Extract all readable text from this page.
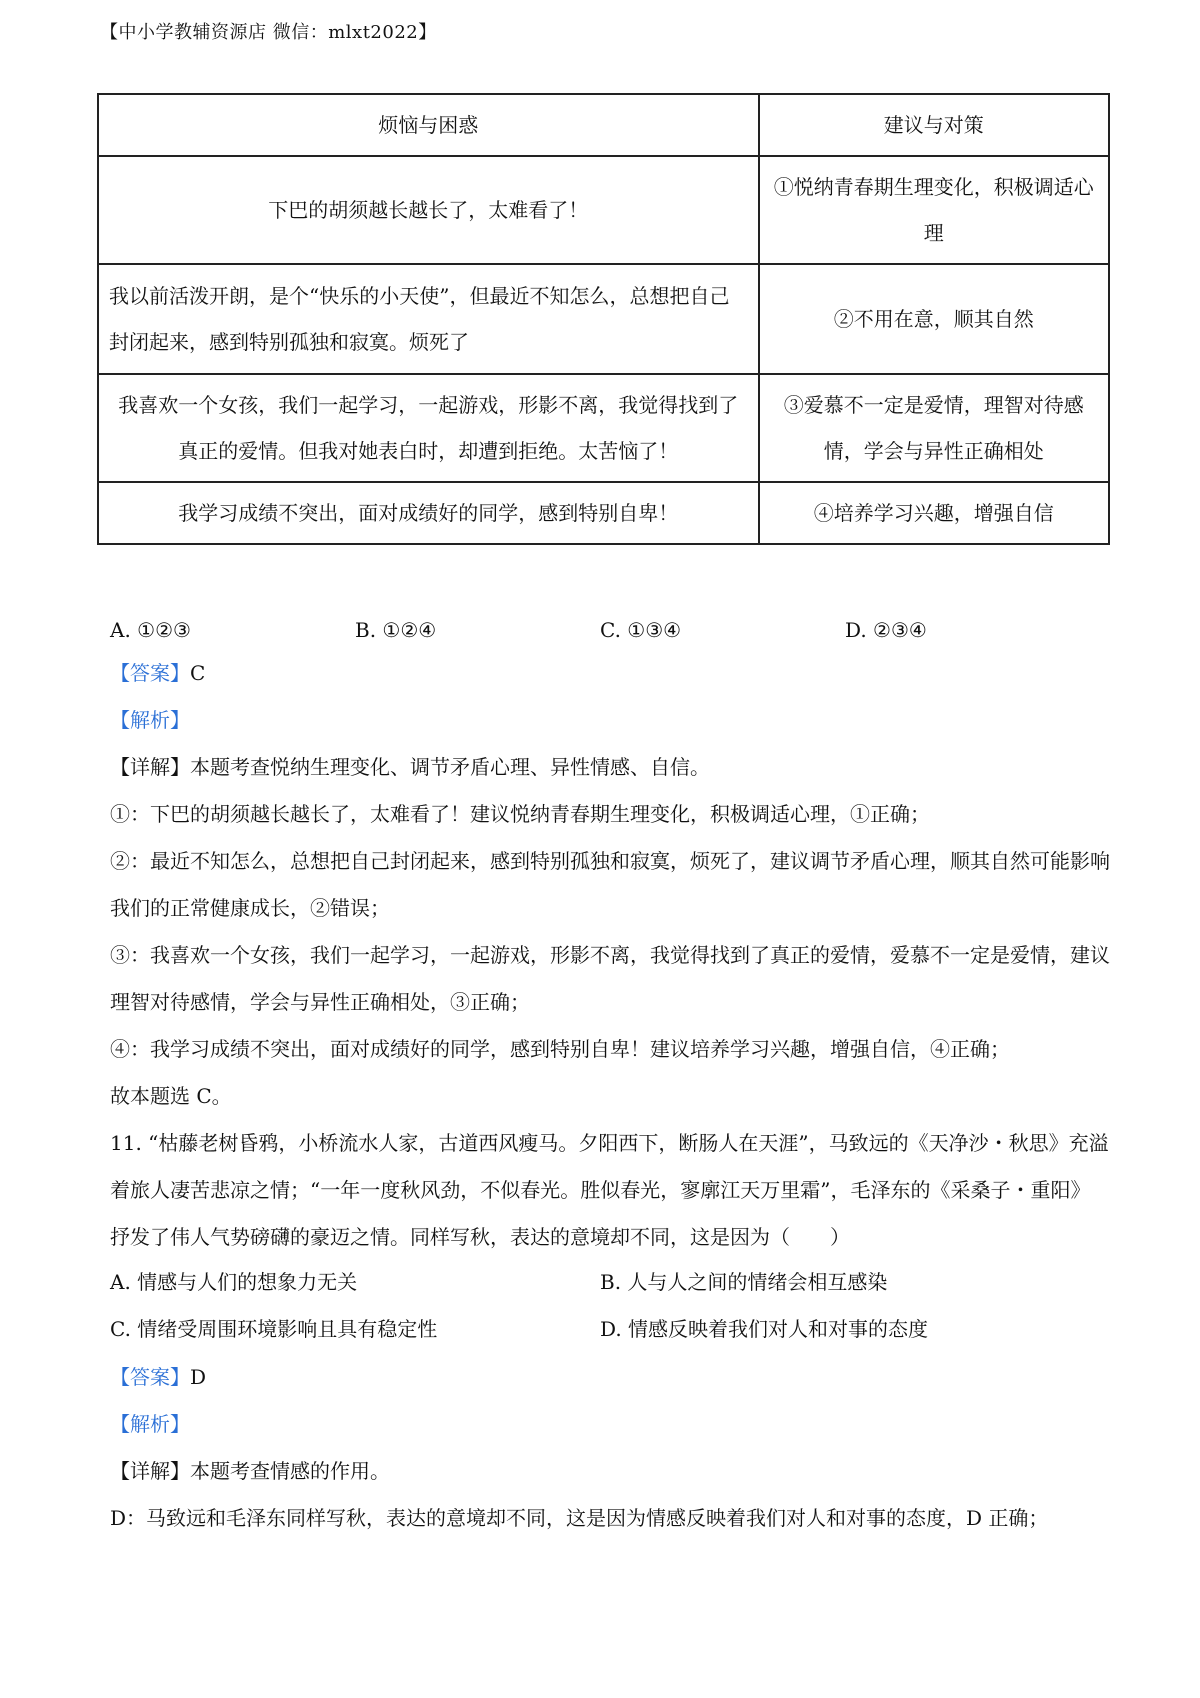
【中小学教辅资源店 微信：mlxt2022】
烦恼与困惑	建议与对策
下巴的胡须越长越长了，太难看了！	①悦纳青春期生理变化，积极调适心理
我以前活泼开朗，是个“快乐的小天使”，但最近不知怎么，总想把自己封闭起来，感到特别孤独和寂寞。烦死了	②不用在意，顺其自然
我喜欢一个女孩，我们一起学习，一起游戏，形影不离，我觉得找到了真正的爱情。但我对她表白时，却遭到拒绝。太苦恼了！	③爱慕不一定是爱情，理智对待感情，学会与异性正确相处
我学习成绩不突出，面对成绩好的同学，感到特别自卑！	④培养学习兴趣，增强自信
A. ①②③	B. ①②④	C. ①③④	D. ②③④

【答案】C

【解析】

【详解】本题考查悦纳生理变化、调节矛盾心理、异性情感、自信。

①：下巴的胡须越长越长了，太难看了！建议悦纳青春期生理变化，积极调适心理，①正确；

②：最近不知怎么，总想把自己封闭起来，感到特别孤独和寂寞，烦死了，建议调节矛盾心理，顺其自然可能影响我们的正常健康成长，②错误；

③：我喜欢一个女孩，我们一起学习，一起游戏，形影不离，我觉得找到了真正的爱情，爱慕不一定是爱情，建议理智对待感情，学会与异性正确相处，③正确；

④：我学习成绩不突出，面对成绩好的同学，感到特别自卑！建议培养学习兴趣，增强自信，④正确；

故本题选 C。

11. “枯藤老树昏鸦，小桥流水人家，古道西风瘦马。夕阳西下，断肠人在天涯”，马致远的《天净沙・秋思》充溢着旅人凄苦悲凉之情；“一年一度秋风劲，不似春光。胜似春光，寥廓江天万里霜”，毛泽东的《采桑子・重阳》抒发了伟人气势磅礴的豪迈之情。同样写秋，表达的意境却不同，这是因为（　　）

A. 情感与人们的想象力无关	B. 人与人之间的情绪会相互感染
C. 情绪受周围环境影响且具有稳定性	D. 情感反映着我们对人和对事的态度

【答案】D

【解析】

【详解】本题考查情感的作用。

D：马致远和毛泽东同样写秋，表达的意境却不同，这是因为情感反映着我们对人和对事的态度，D 正确；
